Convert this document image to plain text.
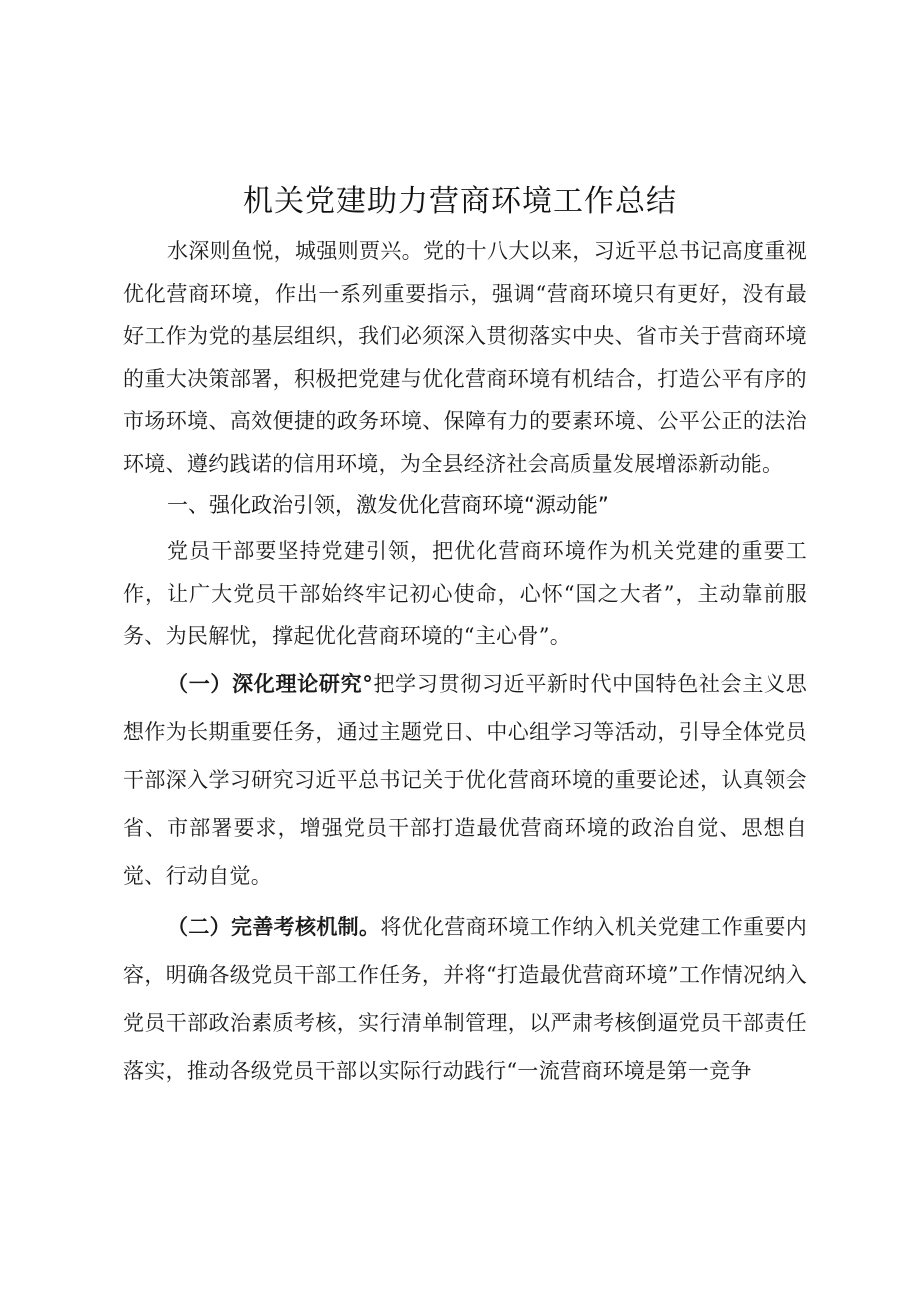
机关党建助力营商环境工作总结

水深则鱼悦，城强则贾兴。党的十八大以来，习近平总书记高度重视优化营商环境，作出一系列重要指示，强调“营商环境只有更好，没有最好工作为党的基层组织，我们必须深入贯彻落实中央、省市关于营商环境的重大决策部署，积极把党建与优化营商环境有机结合，打造公平有序的市场环境、高效便捷的政务环境、保障有力的要素环境、公平公正的法治环境、遵约践诺的信用环境，为全县经济社会高质量发展增添新动能。

一、强化政治引领，激发优化营商环境“源动能”

党员干部要坚持党建引领，把优化营商环境作为机关党建的重要工作，让广大党员干部始终牢记初心使命，心怀“国之大者”，主动靠前服务、为民解忧，撑起优化营商环境的“主心骨”。

（一）深化理论研究°把学习贯彻习近平新时代中国特色社会主义思想作为长期重要任务，通过主题党日、中心组学习等活动，引导全体党员干部深入学习研究习近平总书记关于优化营商环境的重要论述，认真领会省、市部署要求，增强党员干部打造最优营商环境的政治自觉、思想自觉、行动自觉。

（二）完善考核机制。将优化营商环境工作纳入机关党建工作重要内容，明确各级党员干部工作任务，并将“打造最优营商环境”工作情况纳入党员干部政治素质考核，实行清单制管理，以严肃考核倒逼党员干部责任落实，推动各级党员干部以实际行动践行“一流营商环境是第一竞争
